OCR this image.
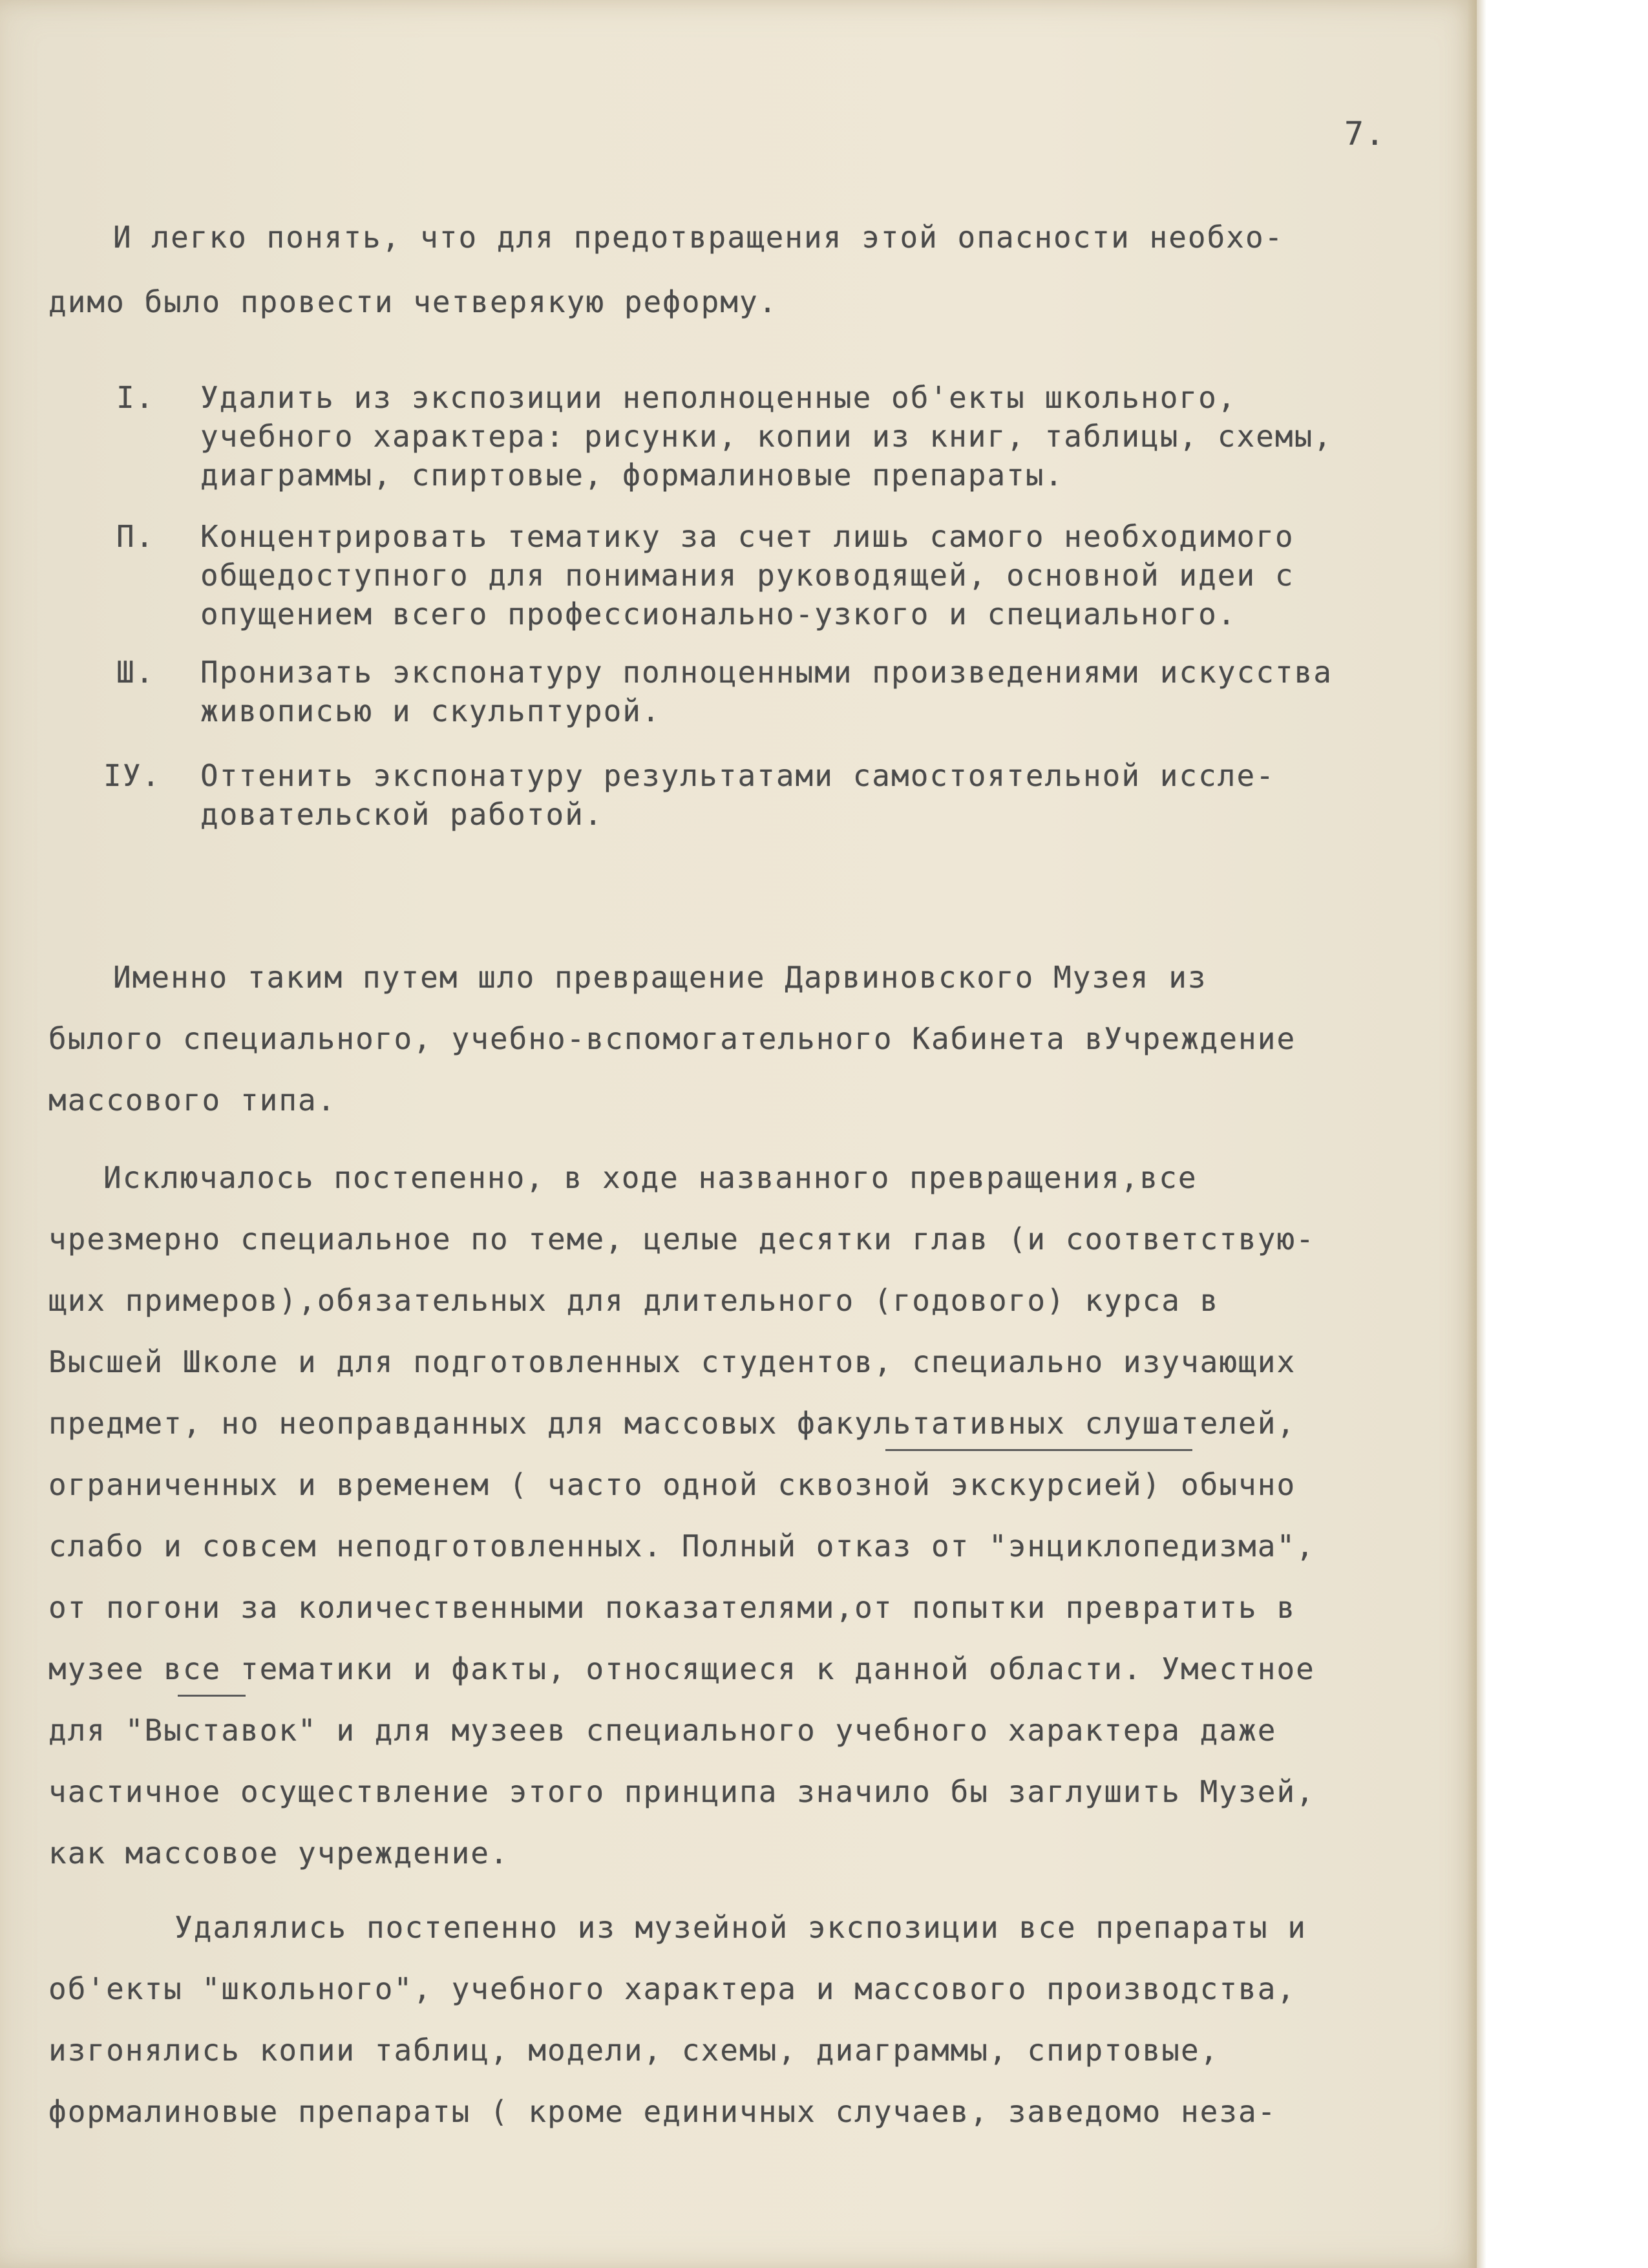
7.
И легко понять, что для предотвращения этой опасности необхо-
димо было провести четверякую реформу.

I.

Удалить из экспозиции неполноценные об'екты школьного,

учебного характера: рисунки, копии из книг, таблицы, схемы,

диаграммы, спиртовые, формалиновые препараты.

П.

Концентрировать тематику за счет лишь самого необходимого

общедоступного для понимания руководящей, основной идеи с

опущением всего профессионально-узкого и специального.

Ш.

Пронизать экспонатуру полноценными произведениями искусства

живописью и скульптурой.

IУ.

Оттенить экспонатуру результатами самостоятельной иссле-

довательской работой.

Именно таким путем шло превращение Дарвиновского Музея из
былого специального, учебно-вспомогательного Кабинета вУчреждение
массового типа.
Исключалось постепенно, в ходе названного превращения,все
чрезмерно специальное по теме, целые десятки глав (и соответствую-
щих примеров),обязательных для длительного (годового) курса в
Высшей Школе и для подготовленных студентов, специально изучающих
предмет, но неоправданных для массовых факультативных слушателей,
ограниченных и временем ( часто одной сквозной экскурсией) обычно
слабо и совсем неподготовленных. Полный отказ от "энциклопедизма",
от погони за количественными показателями,от попытки превратить в
музее все тематики и факты, относящиеся к данной области. Уместное
для "Выставок" и для музеев специального учебного характера даже
частичное осуществление этого принципа значило бы заглушить Музей,
как массовое учреждение.
Удалялись постепенно из музейной экспозиции все препараты и
об'екты "школьного", учебного характера и массового производства,
изгонялись копии таблиц, модели, схемы, диаграммы, спиртовые,
формалиновые препараты ( кроме единичных случаев, заведомо неза-
